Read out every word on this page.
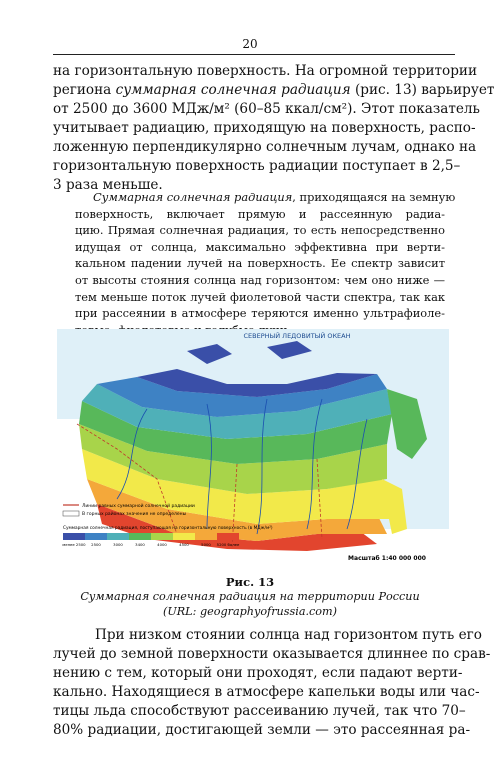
20
на горизонтальную поверхность. На огромной территории
региона суммарная солнечная радиация (рис. 13) варьирует
от 2500 до 3600 МДж/м² (60–85 ккал/см²). Этот показатель
учитывает радиацию, приходящую на поверхность, распо-
ложенную перпендикулярно солнечным лучам, однако на
горизонтальную поверхность радиации поступает в 2,5–
3 раза меньше.
Суммарная солнечная радиация, приходящаяся на земную
поверхность, включает прямую и рассеянную радиа-
цию. Прямая солнечная радиация, то есть непосредственно
идущая от солнца, максимально эффективна при верти-
кальном падении лучей на поверхность. Ее спектр зависит
от высоты стояния солнца над горизонтом: чем оно ниже —
тем меньше поток лучей фиолетовой части спектра, так как
при рассеянии в атмосфере теряются именно ультрафиоле-
СЕВЕРНЫЙ ЛЕДОВИТЫЙ ОКЕАН
Линии равных суммарной солнечной радиации
В горных районах значения не определены
Суммарная солнечная радиация, поступающая на горизонтальную поверхность (в МДж/м²)
менее 2500 2500	3000	3400	4000	4500	5000 5200 более
Масштаб 1:40 000 000
Рис. 13
Суммарная солнечная радиация на территории России
(URL: geographyofrussia.com)
При низком стоянии солнца над горизонтом путь его
лучей до земной поверхности оказывается длиннее по срав-
нению с тем, который они проходят, если падают верти-
кально. Находящиеся в атмосфере капельки воды или час-
тицы льда способствуют рассеиванию лучей, так что 70–
80% радиации, достигающей земли — это рассеянная ра-
